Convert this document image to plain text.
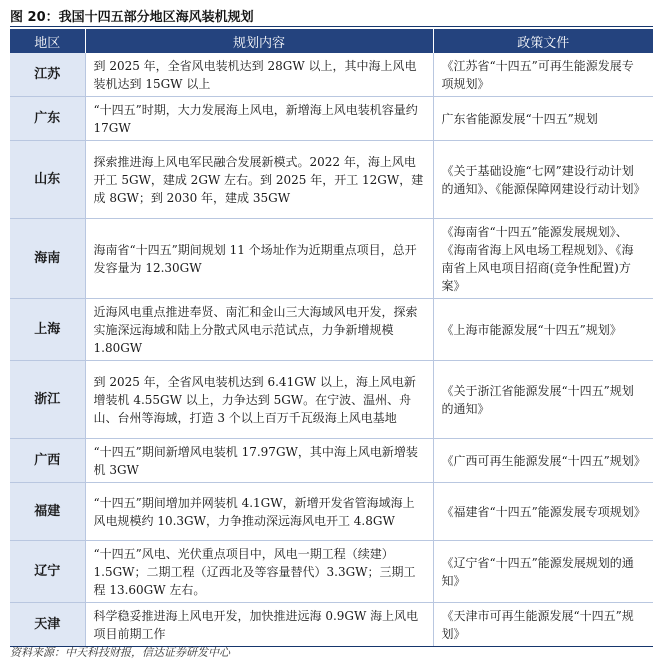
图 20：我国十四五部分地区海风装机规划
地区	规划内容	政策文件
江苏	到 2025 年，全省风电装机达到 28GW 以上，其中海上风电装机达到 15GW 以上	《江苏省“十四五”可再生能源发展专项规划》
广东	“十四五”时期，大力发展海上风电，新增海上风电装机容量约 17GW	广东省能源发展“十四五”规划
山东	探索推进海上风电军民融合发展新模式。2022 年，海上风电开工 5GW，建成 2GW 左右。到 2025 年，开工 12GW，建成 8GW；到 2030 年，建成 35GW	《关于基础设施“七网”建设行动计划的通知》、《能源保障网建设行动计划》
海南	海南省“十四五”期间规划 11 个场址作为近期重点项目，总开发容量为 12.30GW	《海南省“十四五”能源发展规划》、《海南省海上风电场工程规划》、《海南省上风电项目招商(竞争性配置)方案》
上海	近海风电重点推进奉贤、南汇和金山三大海域风电开发，探索实施深远海域和陆上分散式风电示范试点，力争新增规模 1.80GW	《上海市能源发展“十四五”规划》
浙江	到 2025 年，全省风电装机达到 6.41GW 以上，海上风电新增装机 4.55GW 以上，力争达到 5GW。在宁波、温州、舟山、台州等海域，打造 3 个以上百万千瓦级海上风电基地	《关于浙江省能源发展“十四五”规划的通知》
广西	“十四五”期间新增风电装机 17.97GW，其中海上风电新增装机 3GW	《广西可再生能源发展“十四五”规划》
福建	“十四五”期间增加并网装机 4.1GW，新增开发省管海域海上风电规模约 10.3GW，力争推动深远海风电开工 4.8GW	《福建省“十四五”能源发展专项规划》
辽宁	“十四五”风电、光伏重点项目中，风电一期工程（续建）1.5GW；二期工程（辽西北及等容量替代）3.3GW；三期工程 13.60GW 左右。	《辽宁省“十四五”能源发展规划的通知》
天津	科学稳妥推进海上风电开发，加快推进远海 0.9GW 海上风电项目前期工作	《天津市可再生能源发展“十四五”规划》
资料来源：中天科技财报，信达证券研发中心
